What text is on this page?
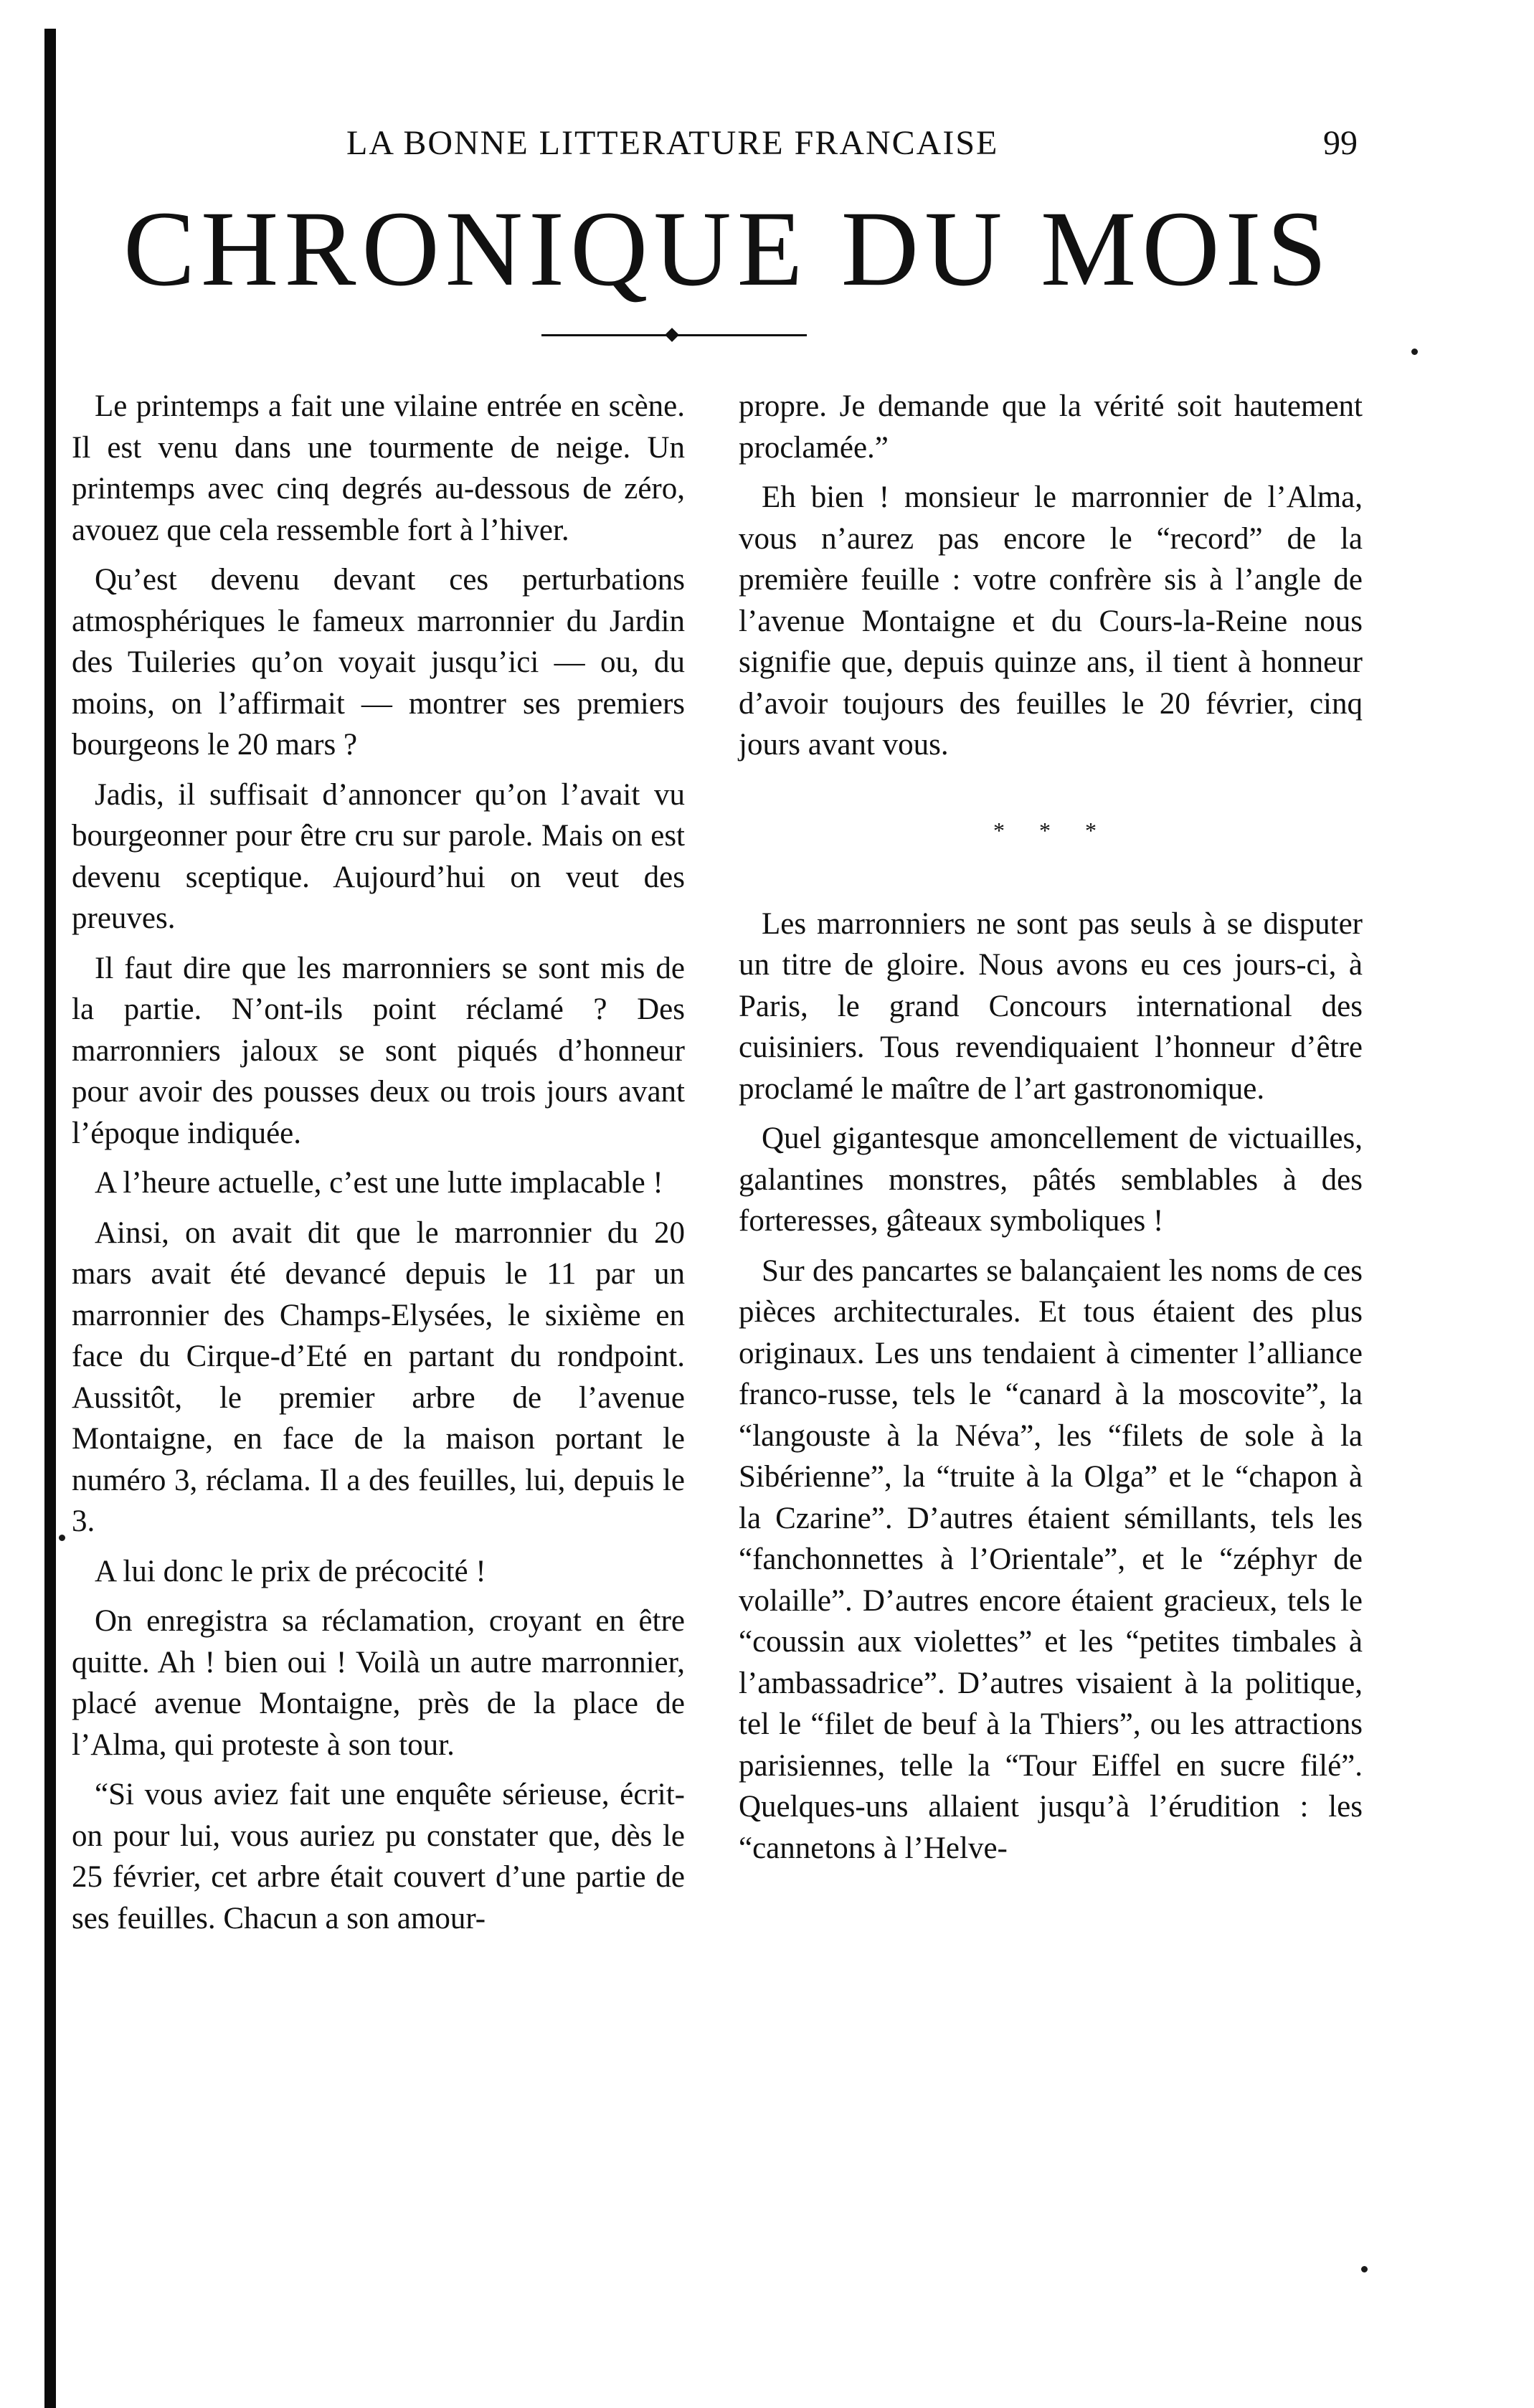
LA BONNE LITTERATURE FRANCAISE	99
CHRONIQUE DU MOIS

Le printemps a fait une vilaine entrée en scène. Il est venu dans une tourmente de neige. Un printemps avec cinq degrés au-dessous de zéro, avouez que cela ressemble fort à l’hiver.

Qu’est devenu devant ces perturbations atmosphériques le fameux marronnier du Jardin des Tuileries qu’on voyait jusqu’ici — ou, du moins, on l’affirmait — montrer ses premiers bourgeons le 20 mars ?

Jadis, il suffisait d’annoncer qu’on l’avait vu bourgeonner pour être cru sur parole. Mais on est devenu sceptique. Aujourd’hui on veut des preuves.

Il faut dire que les marronniers se sont mis de la partie. N’ont-ils point réclamé ? Des marronniers jaloux se sont piqués d’honneur pour avoir des pousses deux ou trois jours avant l’époque indiquée.

A l’heure actuelle, c’est une lutte implacable !

Ainsi, on avait dit que le marronnier du 20 mars avait été devancé depuis le 11 par un marronnier des Champs-Elysées, le sixième en face du Cirque-d’Eté en partant du rondpoint. Aussitôt, le premier arbre de l’avenue Montaigne, en face de la maison portant le numéro 3, réclama. Il a des feuilles, lui, depuis le 3.

A lui donc le prix de précocité !

On enregistra sa réclamation, croyant en être quitte. Ah ! bien oui ! Voilà un autre marronnier, placé avenue Montaigne, près de la place de l’Alma, qui proteste à son tour.

“Si vous aviez fait une enquête sérieuse, écrit-on pour lui, vous auriez pu constater que, dès le 25 février, cet arbre était couvert d’une partie de ses feuilles. Chacun a son amour-

propre. Je demande que la vérité soit hautement proclamée.”

Eh bien ! monsieur le marronnier de l’Alma, vous n’aurez pas encore le “record” de la première feuille : votre confrère sis à l’angle de l’avenue Montaigne et du Cours-la-Reine nous signifie que, depuis quinze ans, il tient à honneur d’avoir toujours des feuilles le 20 février, cinq jours avant vous.

* * *

Les marronniers ne sont pas seuls à se disputer un titre de gloire. Nous avons eu ces jours-ci, à Paris, le grand Concours international des cuisiniers. Tous revendiquaient l’honneur d’être proclamé le maître de l’art gastronomique.

Quel gigantesque amoncellement de victuailles, galantines monstres, pâtés semblables à des forteresses, gâteaux symboliques !

Sur des pancartes se balançaient les noms de ces pièces architecturales. Et tous étaient des plus originaux. Les uns tendaient à cimenter l’alliance franco-russe, tels le “canard à la moscovite”, la “langouste à la Néva”, les “filets de sole à la Sibérienne”, la “truite à la Olga” et le “chapon à la Czarine”. D’autres étaient sémillants, tels les “fanchonnettes à l’Orientale”, et le “zéphyr de volaille”. D’autres encore étaient gracieux, tels le “coussin aux violettes” et les “petites timbales à l’ambassadrice”. D’autres visaient à la politique, tel le “filet de beuf à la Thiers”, ou les attractions parisiennes, telle la “Tour Eiffel en sucre filé”. Quelques-uns allaient jusqu’à l’érudition : les “cannetons à l’Helve-
